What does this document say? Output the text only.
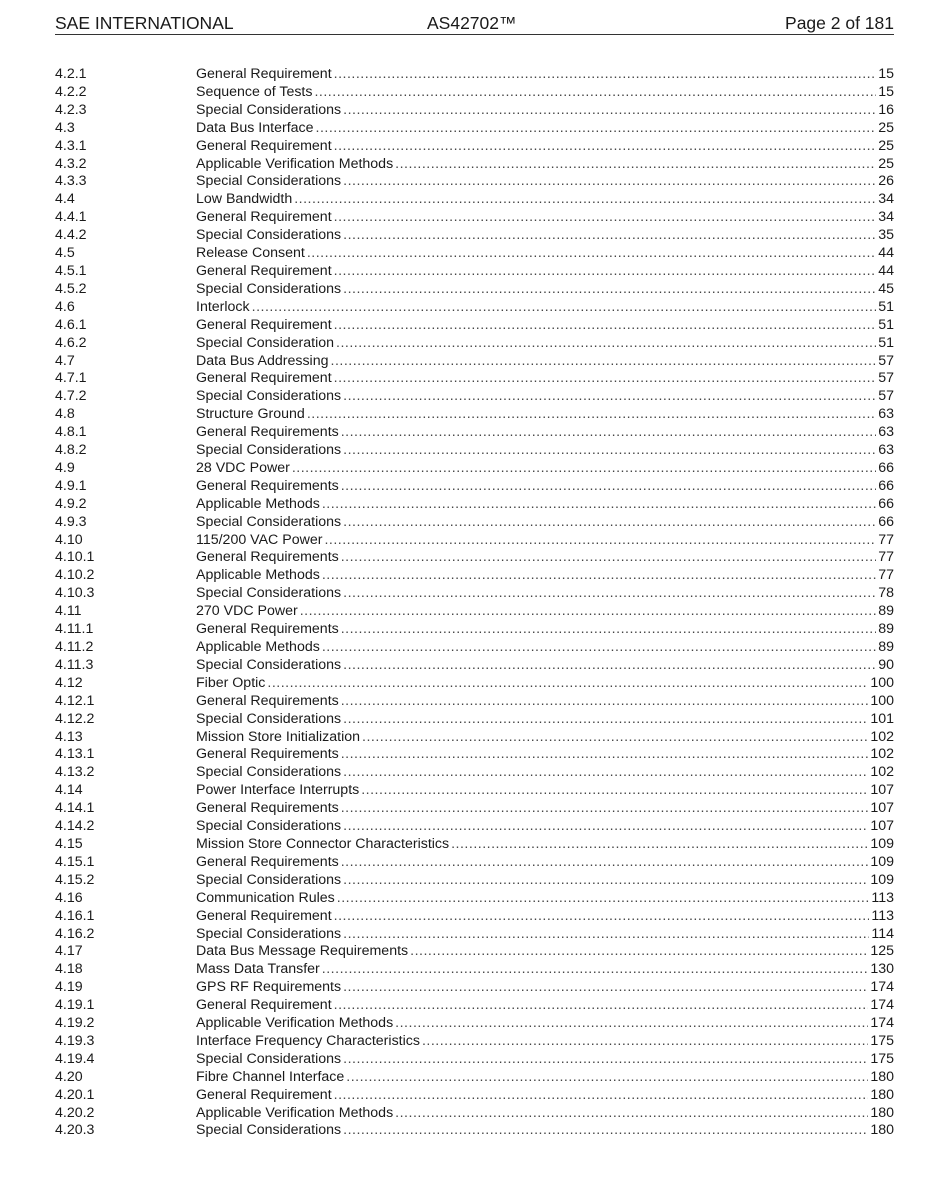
SAE INTERNATIONAL	AS42702™	Page 2 of 181
4.2.1	General Requirement .....	15
4.2.2	Sequence of Tests .....	15
4.2.3	Special Considerations .....	16
4.3	Data Bus Interface .....	25
4.3.1	General Requirement .....	25
4.3.2	Applicable Verification Methods .....	25
4.3.3	Special Considerations .....	26
4.4	Low Bandwidth .....	34
4.4.1	General Requirement .....	34
4.4.2	Special Considerations .....	35
4.5	Release Consent .....	44
4.5.1	General Requirement .....	44
4.5.2	Special Considerations .....	45
4.6	Interlock .....	51
4.6.1	General Requirement .....	51
4.6.2	Special Consideration .....	51
4.7	Data Bus Addressing .....	57
4.7.1	General Requirement .....	57
4.7.2	Special Considerations .....	57
4.8	Structure Ground .....	63
4.8.1	General Requirements .....	63
4.8.2	Special Considerations .....	63
4.9	28 VDC Power .....	66
4.9.1	General Requirements .....	66
4.9.2	Applicable Methods .....	66
4.9.3	Special Considerations .....	66
4.10	115/200 VAC Power .....	77
4.10.1	General Requirements .....	77
4.10.2	Applicable Methods .....	77
4.10.3	Special Considerations .....	78
4.11	270 VDC Power .....	89
4.11.1	General Requirements .....	89
4.11.2	Applicable Methods .....	89
4.11.3	Special Considerations .....	90
4.12	Fiber Optic .....	100
4.12.1	General Requirements .....	100
4.12.2	Special Considerations .....	101
4.13	Mission Store Initialization .....	102
4.13.1	General Requirements .....	102
4.13.2	Special Considerations .....	102
4.14	Power Interface Interrupts .....	107
4.14.1	General Requirements .....	107
4.14.2	Special Considerations .....	107
4.15	Mission Store Connector Characteristics .....	109
4.15.1	General Requirements .....	109
4.15.2	Special Considerations .....	109
4.16	Communication Rules .....	113
4.16.1	General Requirement .....	113
4.16.2	Special Considerations .....	114
4.17	Data Bus Message Requirements .....	125
4.18	Mass Data Transfer .....	130
4.19	GPS RF Requirements .....	174
4.19.1	General Requirement .....	174
4.19.2	Applicable Verification Methods .....	174
4.19.3	Interface Frequency Characteristics .....	175
4.19.4	Special Considerations .....	175
4.20	Fibre Channel Interface .....	180
4.20.1	General Requirement .....	180
4.20.2	Applicable Verification Methods .....	180
4.20.3	Special Considerations .....	180
